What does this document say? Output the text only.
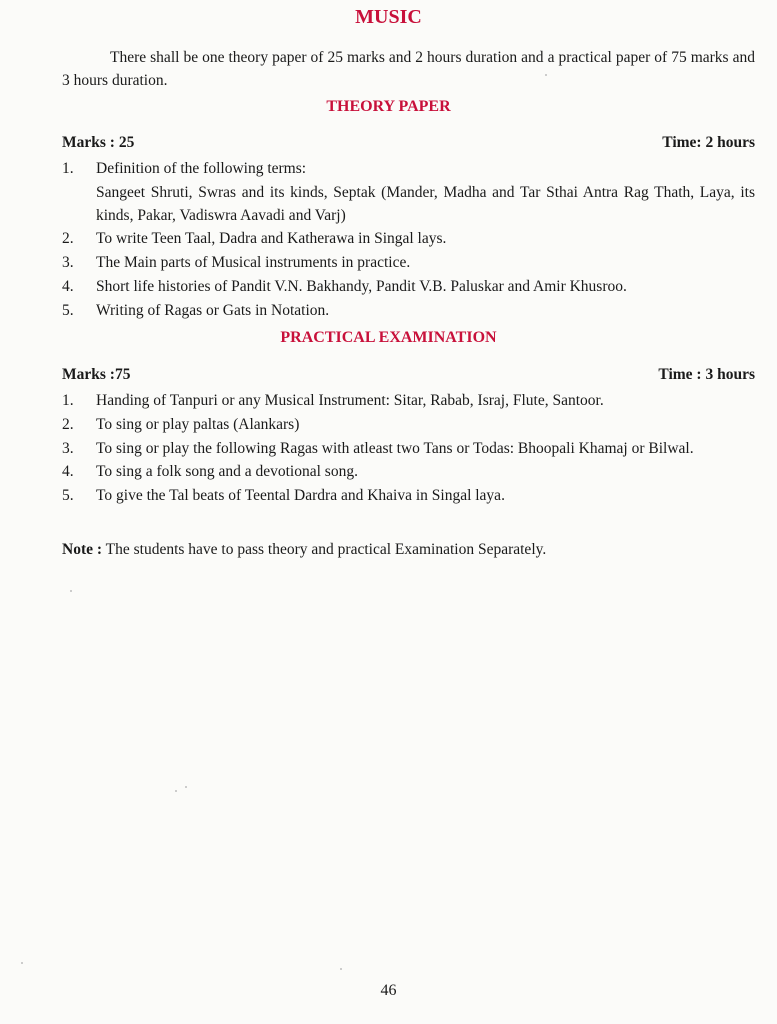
MUSIC

There shall be one theory paper of 25 marks and 2 hours duration and a practical paper of 75 marks and 3 hours duration.

THEORY PAPER
Marks : 25	Time: 2 hours
1. Definition of the following terms:
Sangeet Shruti, Swras and its kinds, Septak (Mander, Madha and Tar Sthai Antra Rag Thath, Laya, its kinds, Pakar, Vadiswra Aavadi and Varj)
2. To write Teen Taal, Dadra and Katherawa in Singal lays.
3. The Main parts of Musical instruments in practice.
4. Short life histories of Pandit V.N. Bakhandy, Pandit V.B. Paluskar and Amir Khusroo.
5. Writing of Ragas or Gats in Notation.
PRACTICAL EXAMINATION
Marks :75	Time : 3 hours
1. Handing of Tanpuri or any Musical Instrument: Sitar, Rabab, Israj, Flute, Santoor.
2. To sing or play paltas (Alankars)
3. To sing or play the following Ragas with atleast two Tans or Todas: Bhoopali Khamaj or Bilwal.
4. To sing a folk song and a devotional song.
5. To give the Tal beats of Teental Dardra and Khaiva in Singal laya.
Note : The students have to pass theory and practical Examination Separately.
46
